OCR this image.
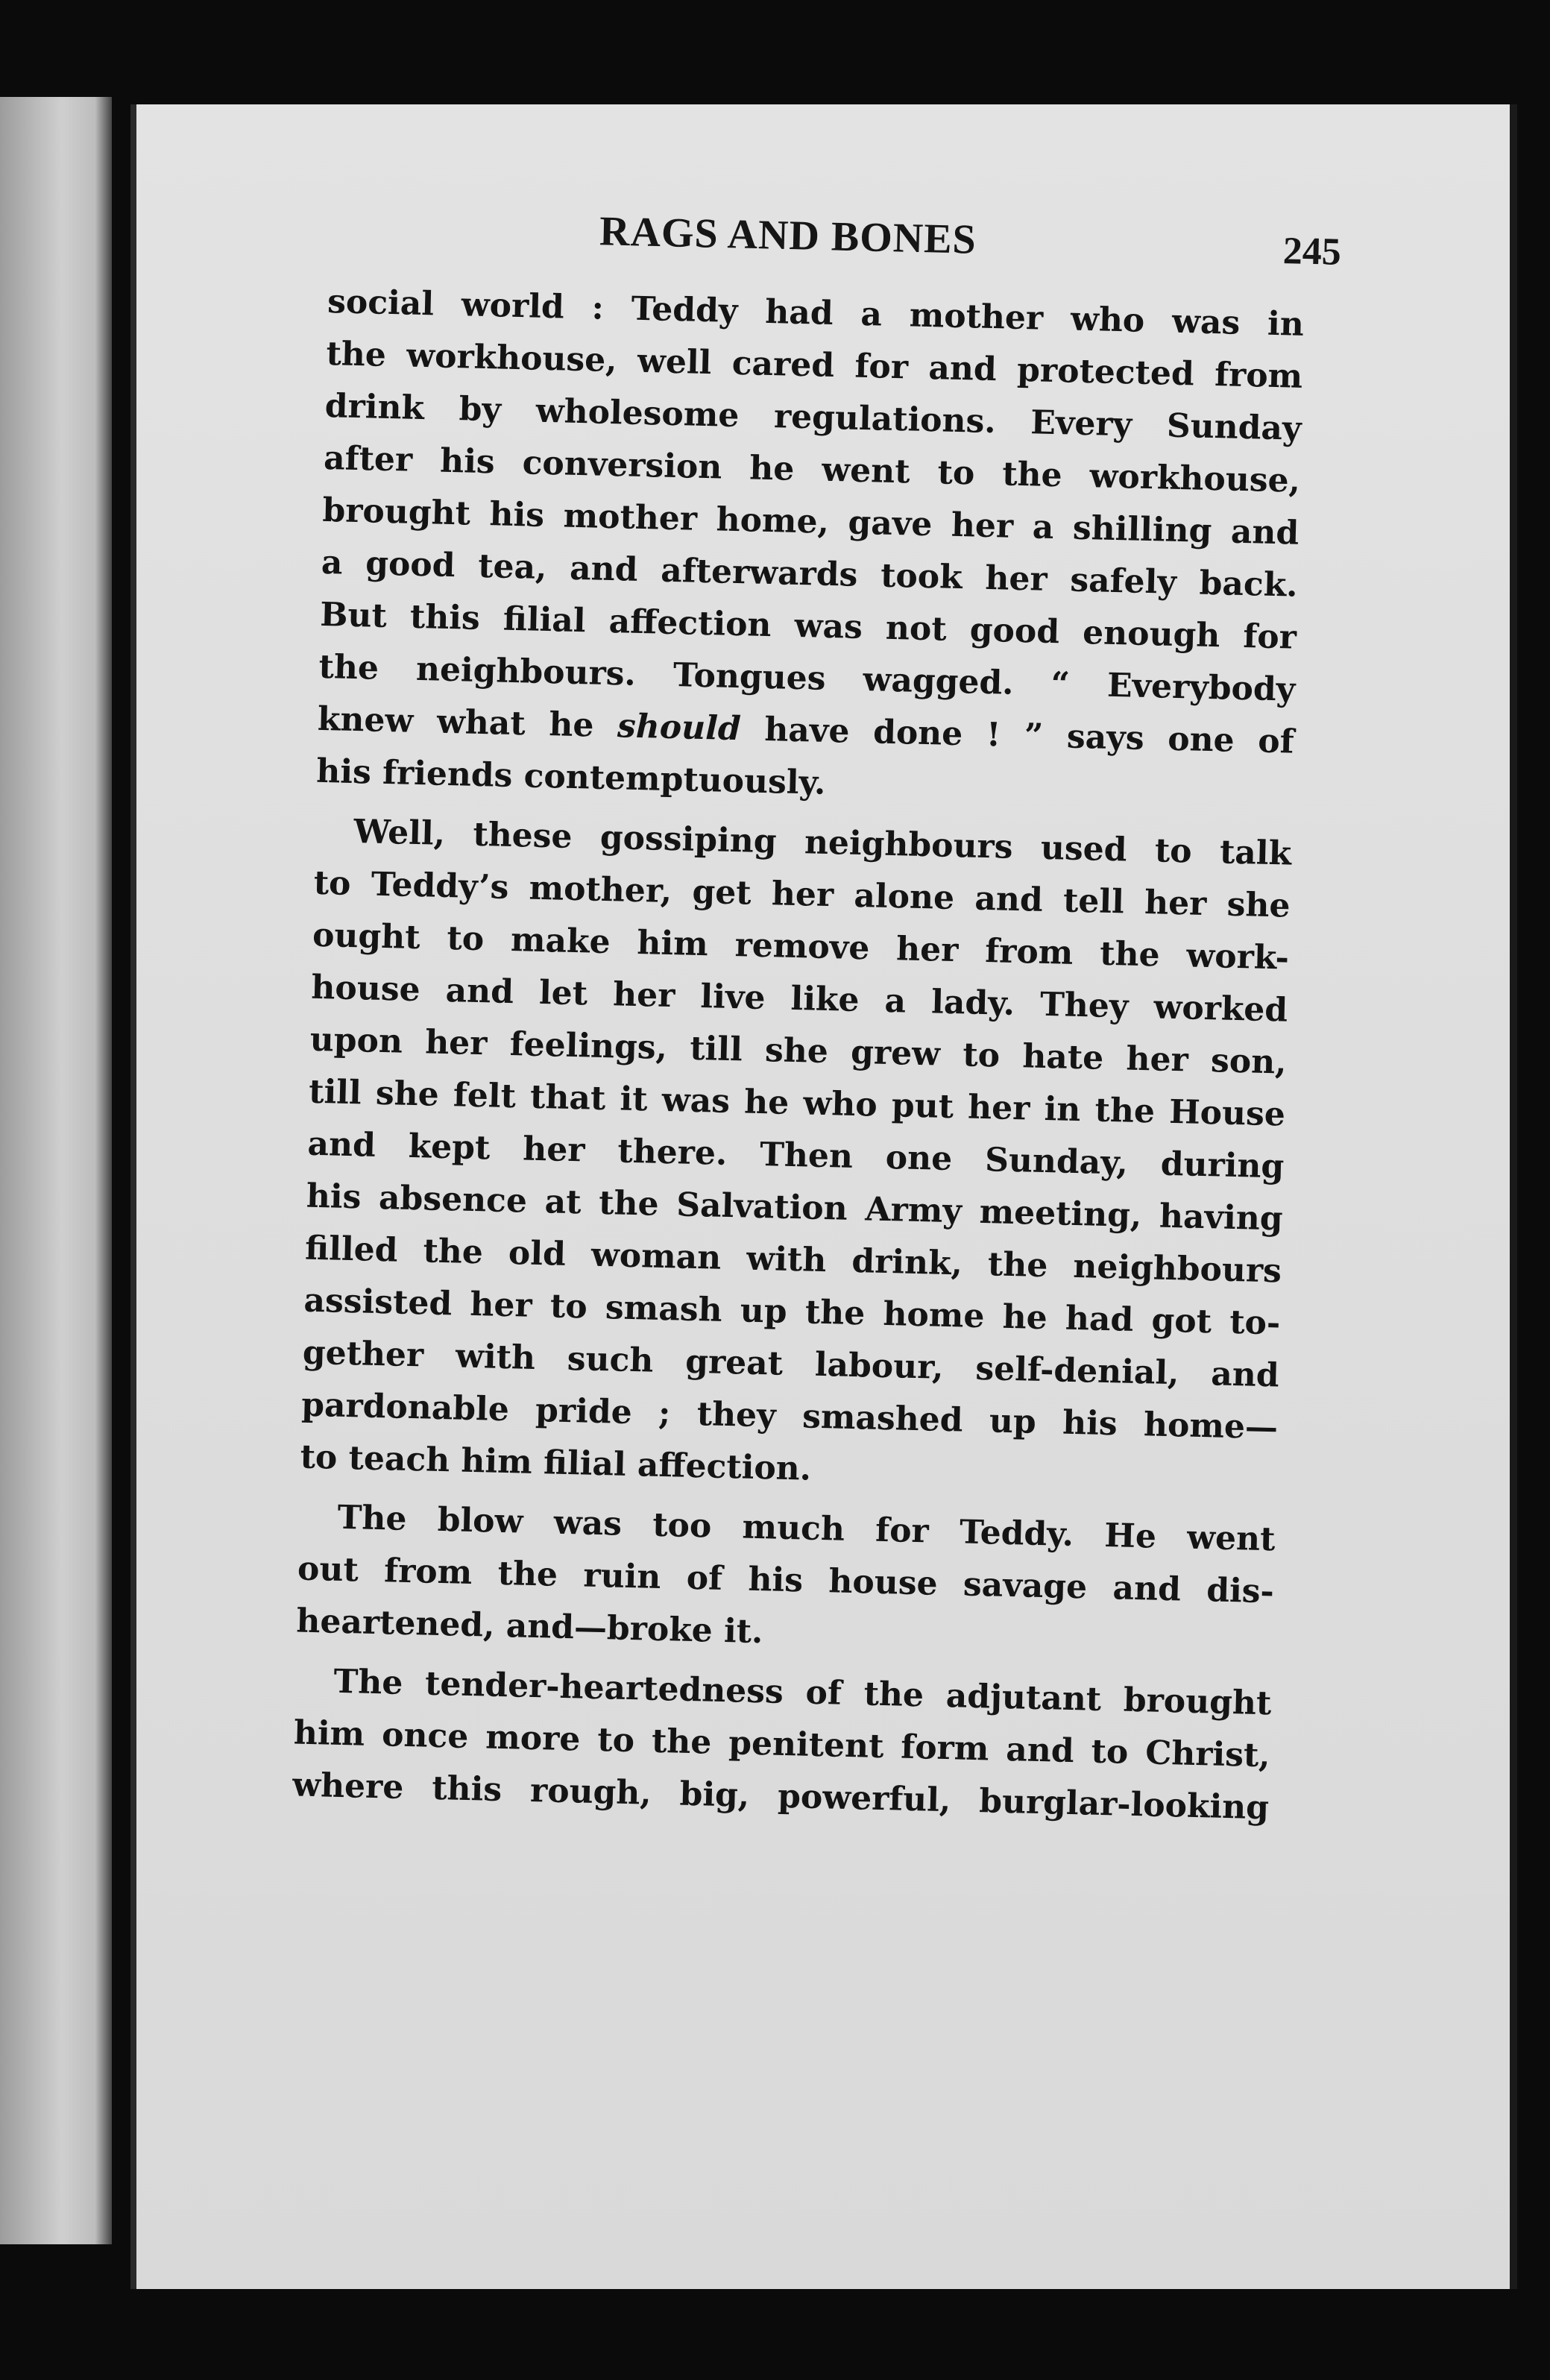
RAGS AND BONES	245
social world : Teddy had a mother who was in
the workhouse, well cared for and protected from
drink by wholesome regulations. Every Sunday
after his conversion he went to the workhouse,
brought his mother home, gave her a shilling and
a good tea, and afterwards took her safely back.
But this filial affection was not good enough for
the neighbours. Tongues wagged. “ Everybody
knew what he should have done ! ” says one of
his friends contemptuously.
Well, these gossiping neighbours used to talk
to Teddy’s mother, get her alone and tell her she
ought to make him remove her from the work-
house and let her live like a lady. They worked
upon her feelings, till she grew to hate her son,
till she felt that it was he who put her in the House
and kept her there. Then one Sunday, during
his absence at the Salvation Army meeting, having
filled the old woman with drink, the neighbours
assisted her to smash up the home he had got to-
gether with such great labour, self-denial, and
pardonable pride ; they smashed up his home—
to teach him filial affection.
The blow was too much for Teddy. He went
out from the ruin of his house savage and dis-
heartened, and—broke it.
The tender-heartedness of the adjutant brought
him once more to the penitent form and to Christ,
where this rough, big, powerful, burglar-looking
